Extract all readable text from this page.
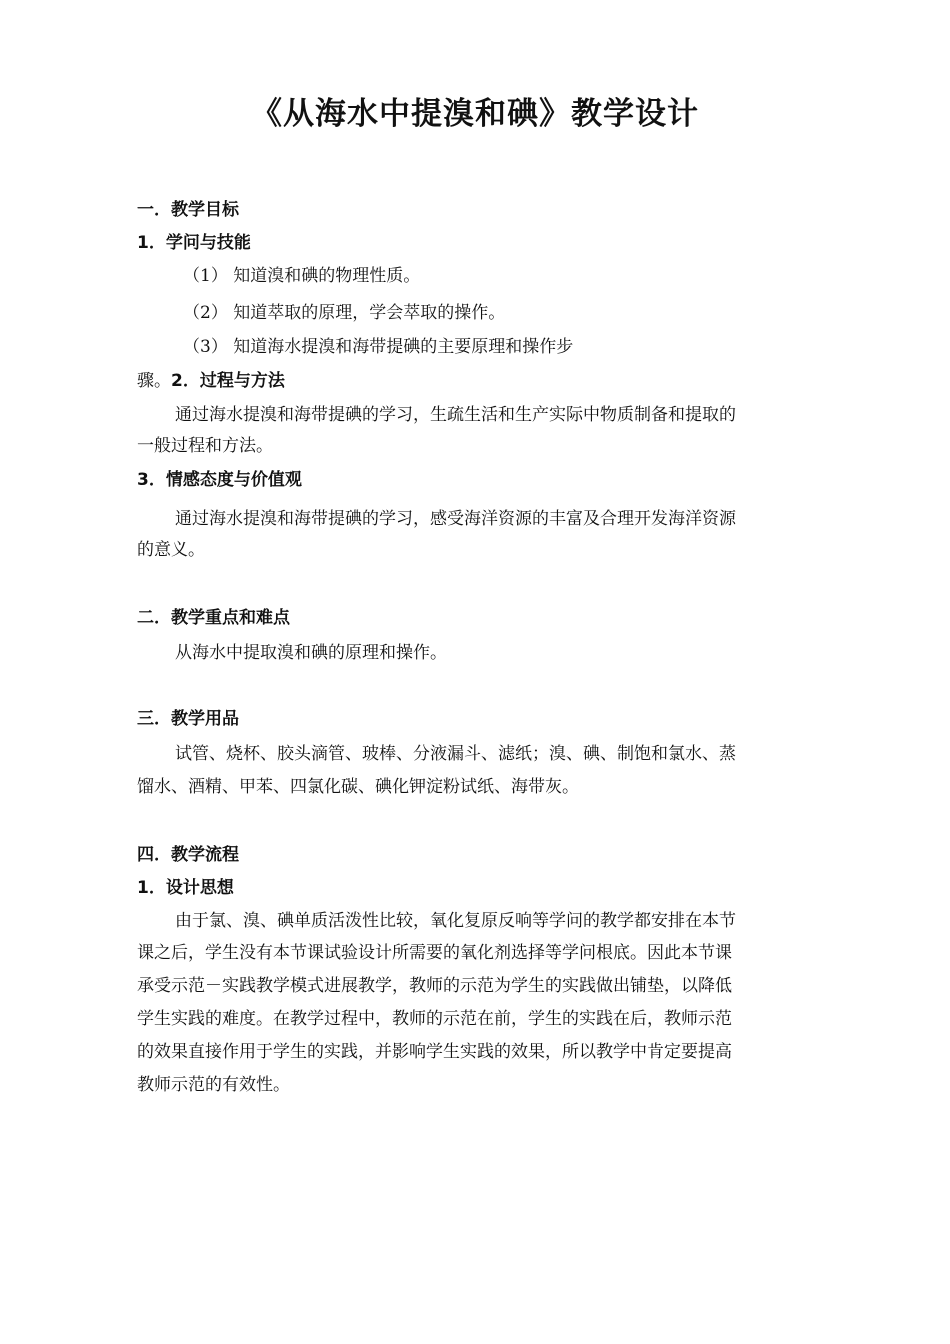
《从海水中提溴和碘》教学设计
一．教学目标
1．学问与技能
（1） 知道溴和碘的物理性质。
（2） 知道萃取的原理，学会萃取的操作。
（3） 知道海水提溴和海带提碘的主要原理和操作步
骤。2．过程与方法
通过海水提溴和海带提碘的学习，生疏生活和生产实际中物质制备和提取的
一般过程和方法。
3．情感态度与价值观
通过海水提溴和海带提碘的学习，感受海洋资源的丰富及合理开发海洋资源
的意义。
二．教学重点和难点
从海水中提取溴和碘的原理和操作。
三．教学用品
试管、烧杯、胶头滴管、玻棒、分液漏斗、滤纸；溴、碘、制饱和氯水、蒸
馏水、酒精、甲苯、四氯化碳、碘化钾淀粉试纸、海带灰。
四．教学流程
1．设计思想
由于氯、溴、碘单质活泼性比较，氧化复原反响等学问的教学都安排在本节
课之后，学生没有本节课试验设计所需要的氧化剂选择等学问根底。因此本节课
承受示范－实践教学模式进展教学，教师的示范为学生的实践做出铺垫，以降低
学生实践的难度。在教学过程中，教师的示范在前，学生的实践在后，教师示范
的效果直接作用于学生的实践，并影响学生实践的效果，所以教学中肯定要提高
教师示范的有效性。
